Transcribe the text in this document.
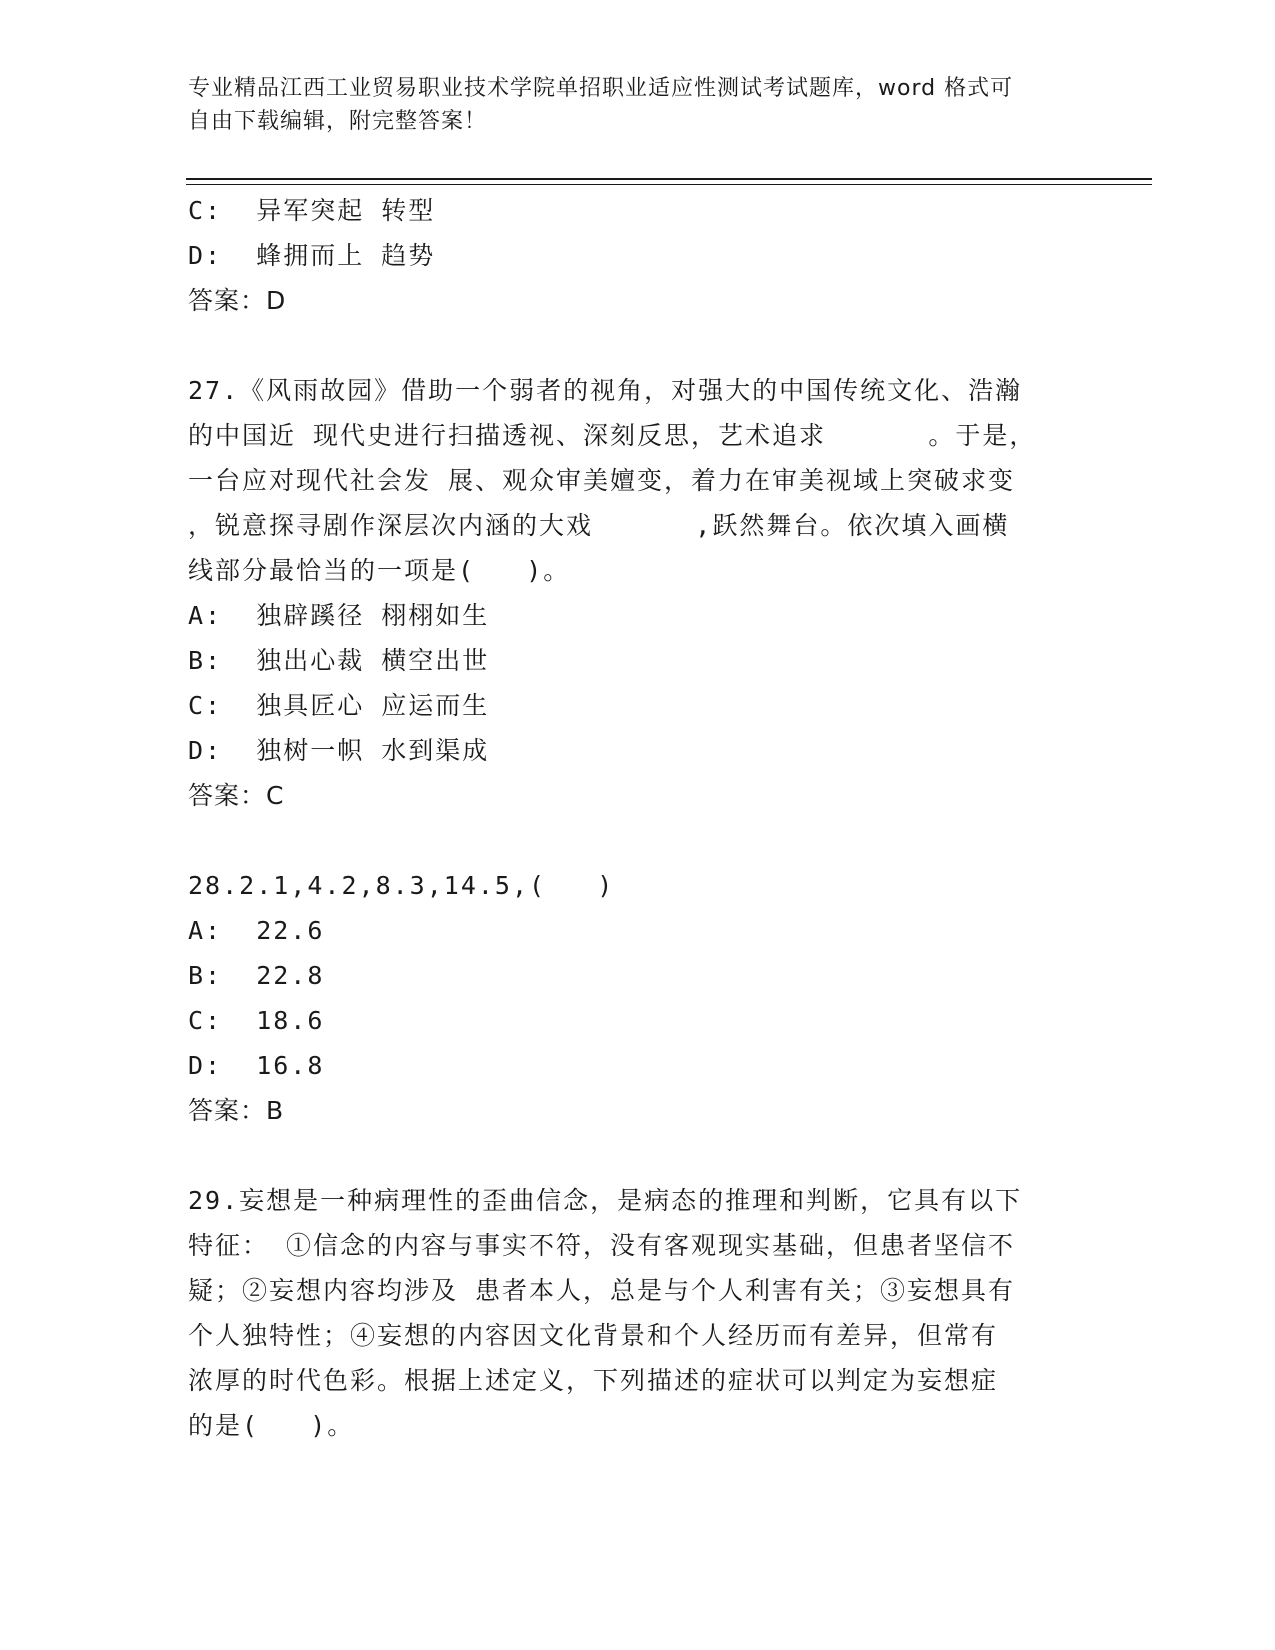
专业精品江西工业贸易职业技术学院单招职业适应性测试考试题库，word 格式可
自由下载编辑，附完整答案！
C:  异军突起 转型
D:  蜂拥而上 趋势
答案：D
27.《风雨故园》借助一个弱者的视角，对强大的中国传统文化、浩瀚
的中国近 现代史进行扫描透视、深刻反思，艺术追求      。于是，
一台应对现代社会发 展、观众审美嬗变，着力在审美视域上突破求变
，锐意探寻剧作深层次内涵的大戏      ,跃然舞台。依次填入画横
线部分最恰当的一项是(   )。
A:  独辟蹊径 栩栩如生
B:  独出心裁 横空出世
C:  独具匠心 应运而生
D:  独树一帜 水到渠成
答案：C
28.2.1,4.2,8.3,14.5,(   )
A:  22.6
B:  22.8
C:  18.6
D:  16.8
答案：B
29.妄想是一种病理性的歪曲信念，是病态的推理和判断，它具有以下
特征： ①信念的内容与事实不符，没有客观现实基础，但患者坚信不
疑；②妄想内容均涉及 患者本人，总是与个人利害有关；③妄想具有
个人独特性；④妄想的内容因文化背景和个人经历而有差异，但常有
浓厚的时代色彩。根据上述定义，下列描述的症状可以判定为妄想症
的是(   )。
